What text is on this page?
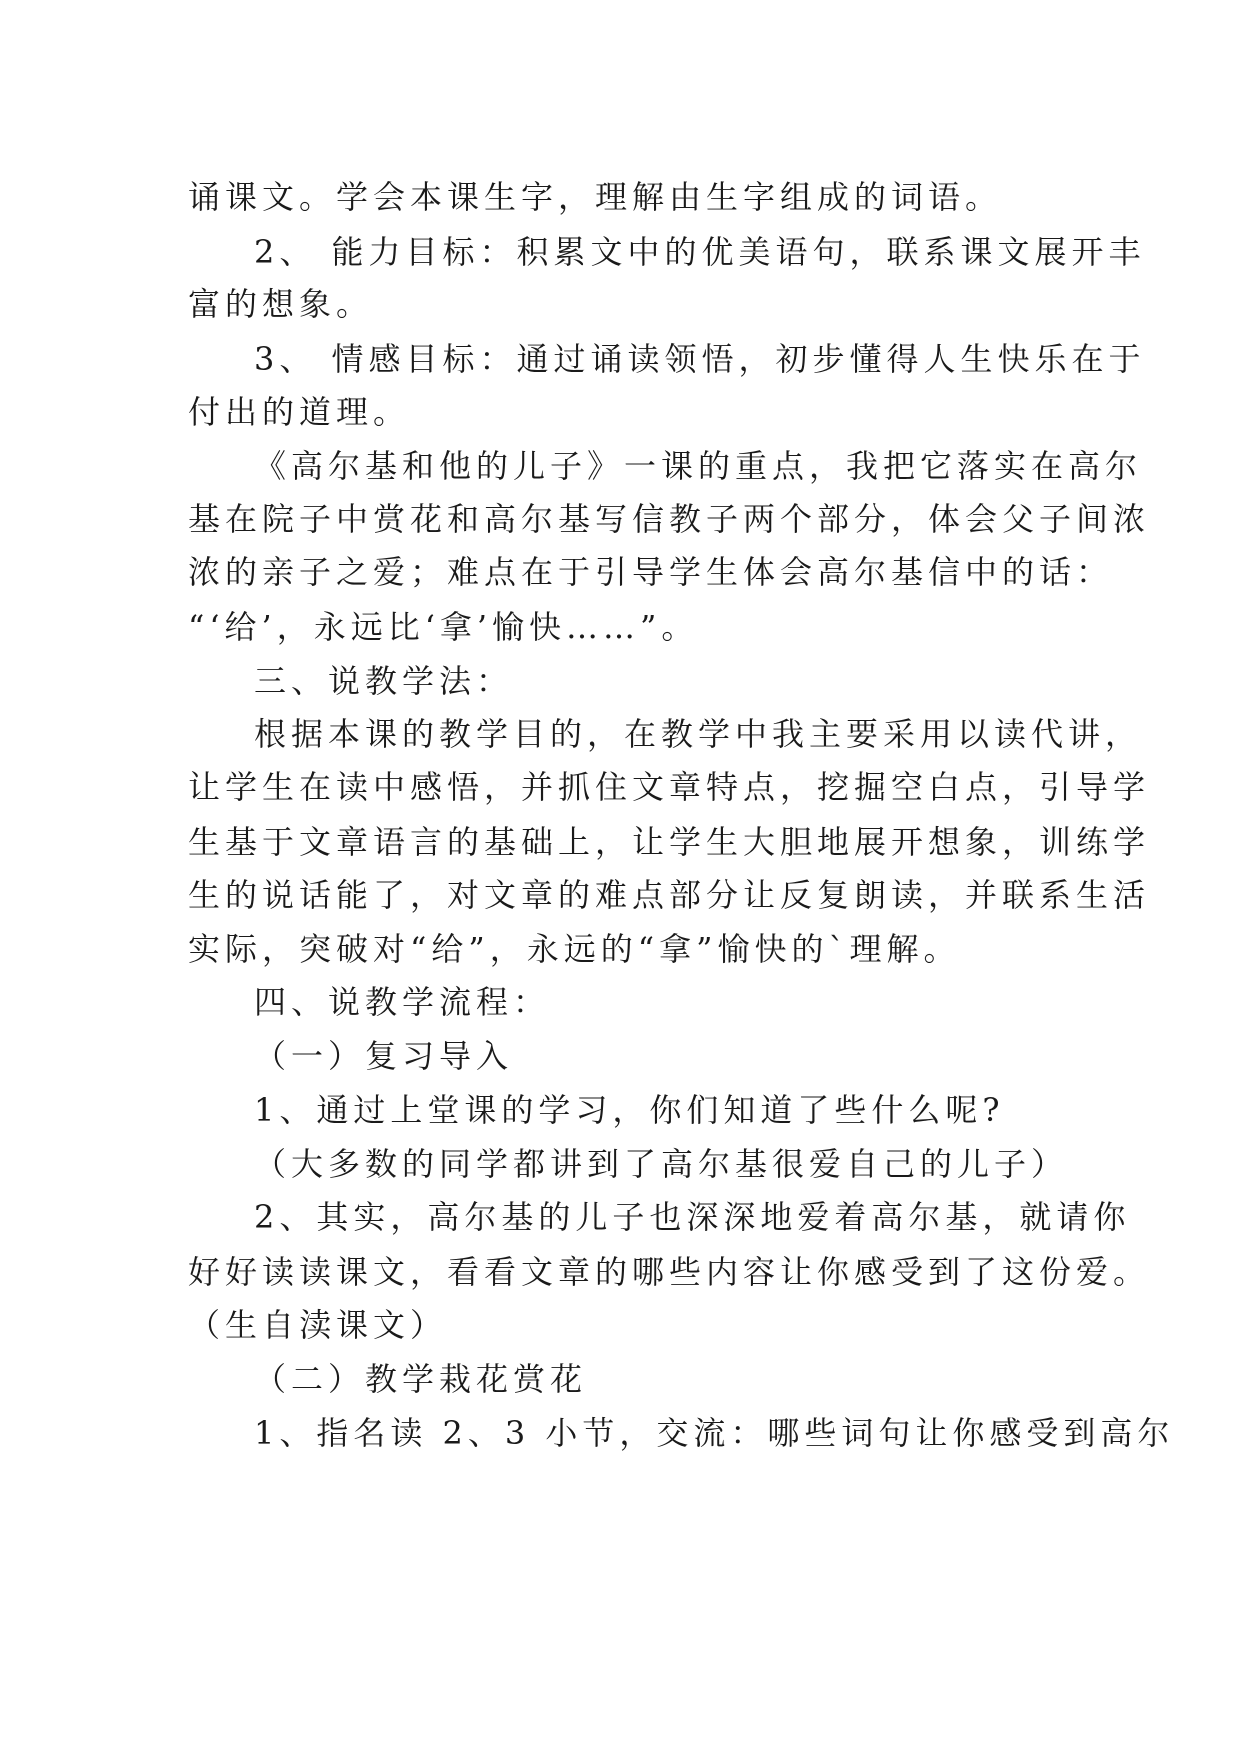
诵课文。学会本课生字，理解由生字组成的词语。

2、 能力目标：积累文中的优美语句，联系课文展开丰

富的想象。

3、 情感目标：通过诵读领悟，初步懂得人生快乐在于

付出的道理。

《高尔基和他的儿子》一课的重点，我把它落实在高尔

基在院子中赏花和高尔基写信教子两个部分，体会父子间浓

浓的亲子之爱；难点在于引导学生体会高尔基信中的话：

“‘给’，永远比‘拿’愉快……”。

三、说教学法：

根据本课的教学目的，在教学中我主要采用以读代讲，

让学生在读中感悟，并抓住文章特点，挖掘空白点，引导学

生基于文章语言的基础上，让学生大胆地展开想象，训练学

生的说话能了，对文章的难点部分让反复朗读，并联系生活

实际，突破对“给”，永远的“拿”愉快的`理解。

四、说教学流程：

（一）复习导入

1、通过上堂课的学习，你们知道了些什么呢?

（大多数的同学都讲到了高尔基很爱自己的儿子）

2、其实，高尔基的儿子也深深地爱着高尔基，就请你

好好读读课文，看看文章的哪些内容让你感受到了这份爱。

（生自渎课文）

（二）教学栽花赏花

1、指名读 2、3 小节，交流：哪些词句让你感受到高尔
